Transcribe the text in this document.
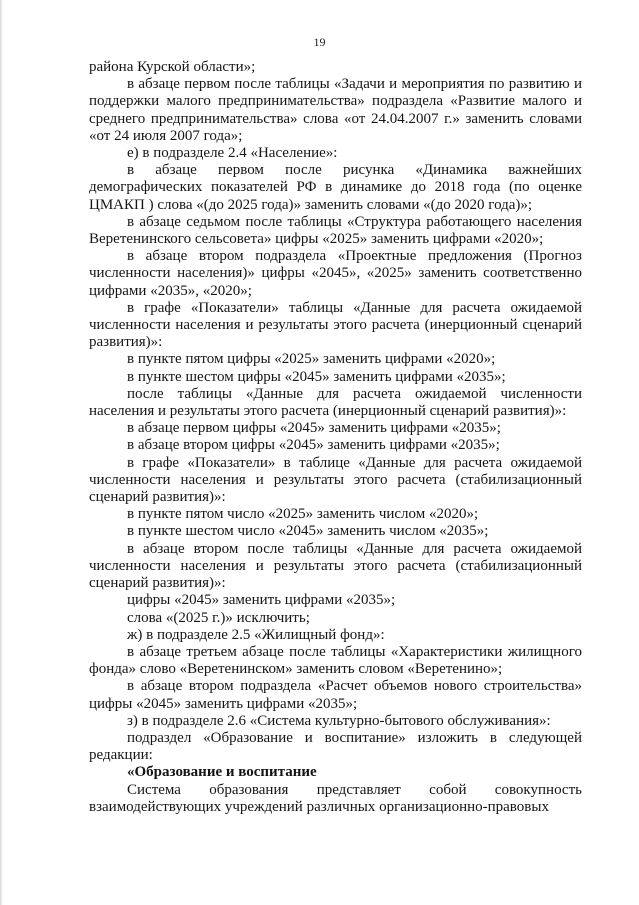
19

района Курской области»;

в абзаце первом после таблицы «Задачи и мероприятия по развитию и поддержки малого предпринимательства» подраздела «Развитие малого и среднего предпринимательства» слова «от 24.04.2007 г.» заменить словами «от 24 июля 2007 года»;

е) в подразделе 2.4 «Население»:

в абзаце первом после рисунка «Динамика важнейших демографических показателей РФ в динамике до 2018 года (по оценке ЦМАКП ) слова «(до 2025 года)» заменить словами «(до 2020 года)»;

в абзаце седьмом после таблицы «Структура работающего населения Веретенинского сельсовета» цифры «2025» заменить цифрами «2020»;

в абзаце втором подраздела «Проектные предложения (Прогноз численности населения)» цифры «2045», «2025» заменить соответственно цифрами «2035», «2020»;

в графе «Показатели» таблицы «Данные для расчета ожидаемой численности населения и результаты этого расчета (инерционный сценарий развития)»:

в пункте пятом цифры «2025» заменить цифрами «2020»;

в пункте шестом цифры «2045» заменить цифрами «2035»;

после таблицы «Данные для расчета ожидаемой численности населения и результаты этого расчета (инерционный сценарий развития)»:

в абзаце первом цифры «2045» заменить цифрами «2035»;

в абзаце втором цифры «2045» заменить цифрами «2035»;

в графе «Показатели» в таблице «Данные для расчета ожидаемой численности населения и результаты этого расчета (стабилизационный сценарий развития)»:

в пункте пятом число «2025» заменить числом «2020»;

в пункте шестом число «2045» заменить числом «2035»;

в абзаце втором после таблицы «Данные для расчета ожидаемой численности населения и результаты этого расчета (стабилизационный сценарий развития)»:

цифры «2045» заменить цифрами «2035»;

слова «(2025 г.)» исключить;

ж) в подразделе 2.5 «Жилищный фонд»:

в абзаце третьем абзаце после таблицы «Характеристики жилищного фонда» слово «Веретенинском» заменить словом «Веретенино»;

в абзаце втором подраздела «Расчет объемов нового строительства» цифры «2045» заменить цифрами «2035»;

з) в подразделе 2.6 «Система культурно-бытового обслуживания»:

подраздел «Образование и воспитание» изложить в следующей редакции:

«Образование и воспитание

Система образования представляет собой совокупность взаимодействующих учреждений различных организационно-правовых
